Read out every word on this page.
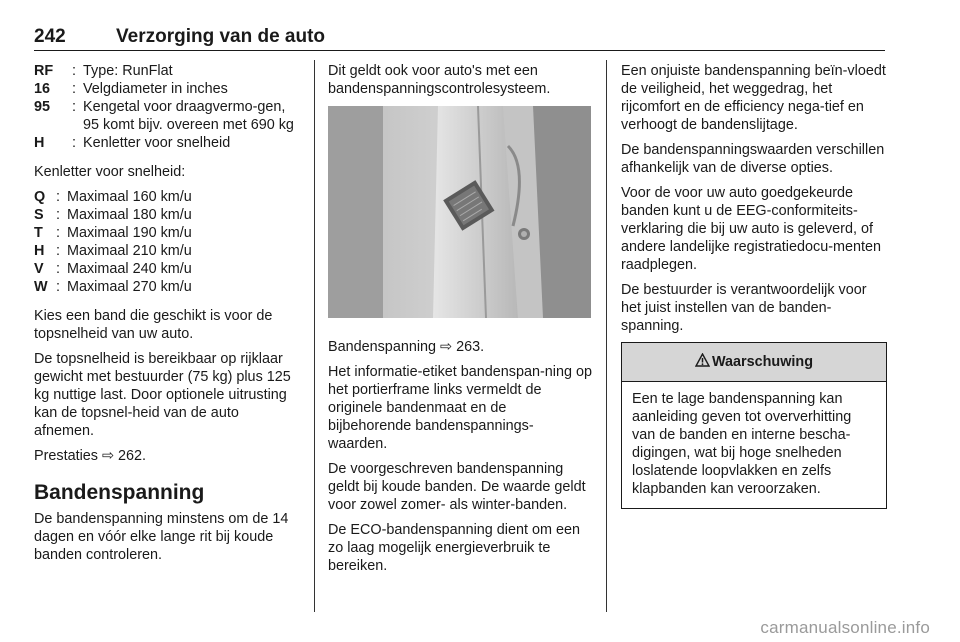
242	Verzorging van de auto
RF	: Type: RunFlat
16	: Velgdiameter in inches
95	: Kengetal voor draagvermo-gen, 95 komt bijv. overeen met 690 kg
H	: Kenletter voor snelheid

Kenletter voor snelheid:

Q : Maximaal 160 km/u
S : Maximaal 180 km/u
T : Maximaal 190 km/u
H : Maximaal 210 km/u
V : Maximaal 240 km/u
W : Maximaal 270 km/u

Kies een band die geschikt is voor de topsnelheid van uw auto.

De topsnelheid is bereikbaar op rijklaar gewicht met bestuurder (75 kg) plus 125 kg nuttige last. Door optionele uitrusting kan de topsnel-heid van de auto afnemen.

Prestaties ⇨ 262.

Bandenspanning

De bandenspanning minstens om de 14 dagen en vóór elke lange rit bij koude banden controleren.

Dit geldt ook voor auto's met een bandenspanningscontrolesysteem.

Bandenspanning ⇨ 263.

Het informatie-etiket bandenspan-ning op het portierframe links vermeldt de originele bandenmaat en de bijbehorende bandenspannings-waarden.

De voorgeschreven bandenspanning geldt bij koude banden. De waarde geldt voor zowel zomer- als winter-banden.

De ECO-bandenspanning dient om een zo laag mogelijk energieverbruik te bereiken.

Een onjuiste bandenspanning beïn-vloedt de veiligheid, het weggedrag, het rijcomfort en de efficiency nega-tief en verhoogt de bandenslijtage.

De bandenspanningswaarden verschillen afhankelijk van de diverse opties.

Voor de voor uw auto goedgekeurde banden kunt u de EEG-conformiteits-verklaring die bij uw auto is geleverd, of andere landelijke registratiedocu-menten raadplegen.

De bestuurder is verantwoordelijk voor het juist instellen van de banden-spanning.

Waarschuwing
Een te lage bandenspanning kan aanleiding geven tot oververhitting van de banden en interne bescha-digingen, wat bij hoge snelheden loslatende loopvlakken en zelfs klapbanden kan veroorzaken.
carmanualsonline.info
